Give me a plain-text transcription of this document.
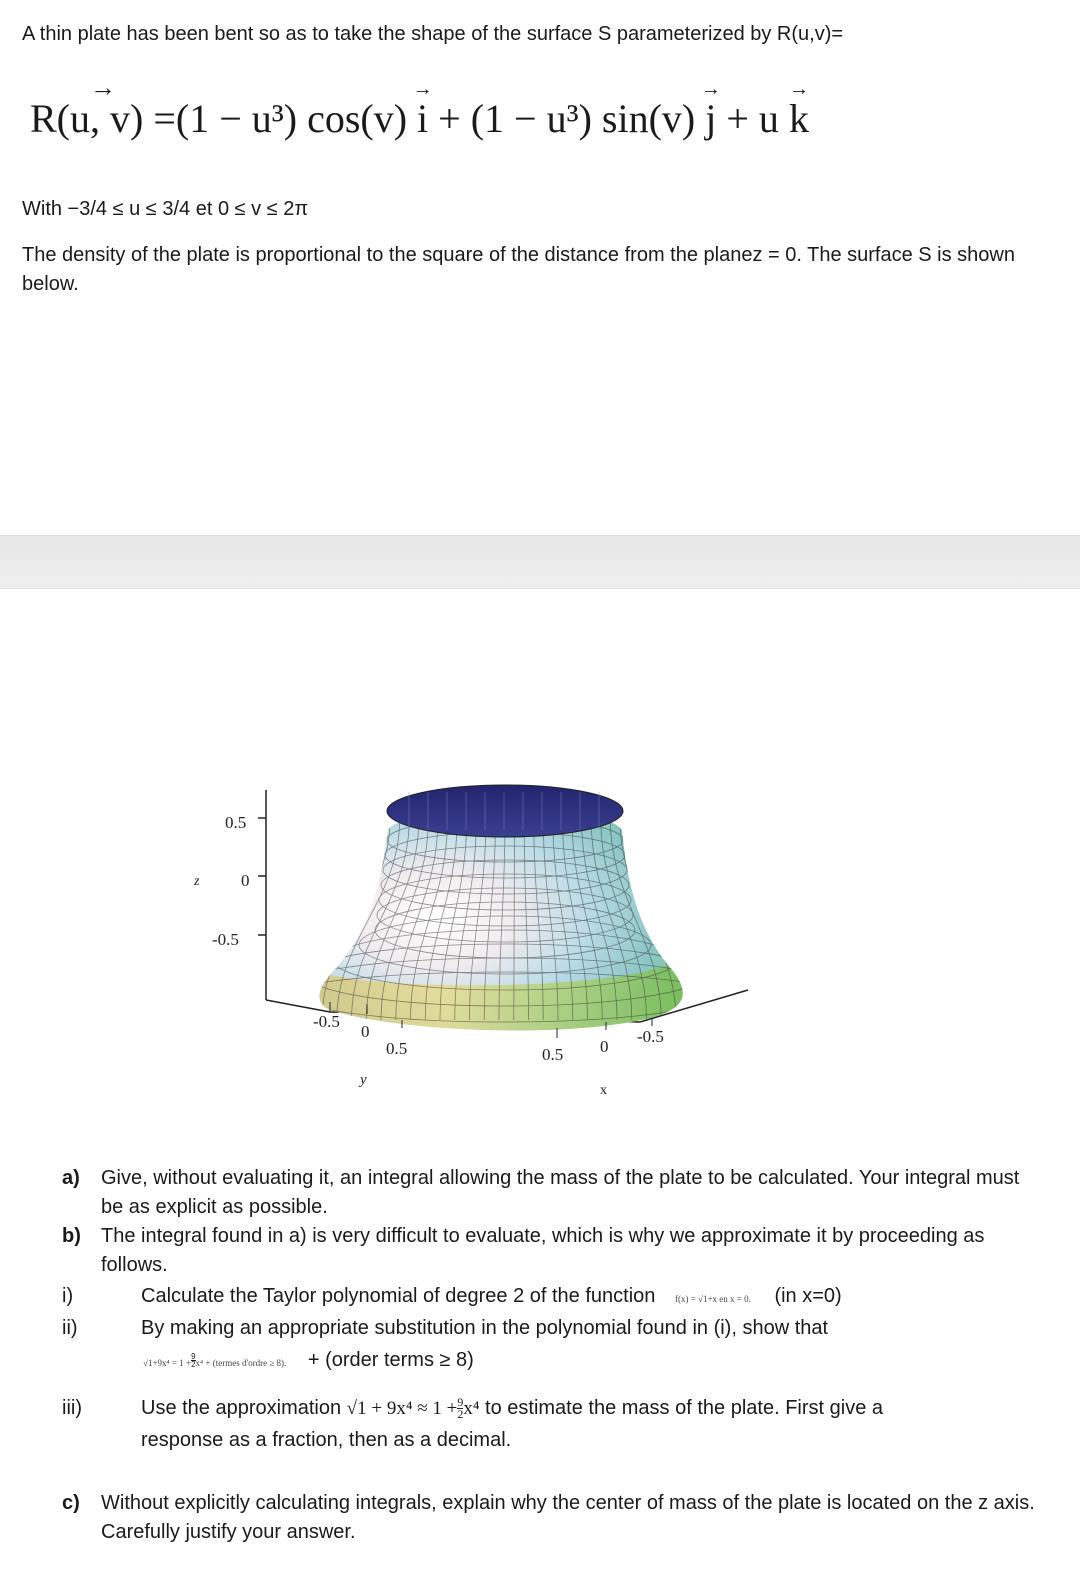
A thin plate has been bent so as to take the shape of the surface S parameterized by R(u,v)=
→ R(u, v) =(1 − u³) cos(v) → i + (1 − u³) sin(v) → j + u → k
With −3/4 ≤ u ≤ 3/4 et 0 ≤ v ≤ 2π
The density of the plate is proportional to the square of the distance from the planez = 0. The surface S is shown below.
0.5
0
-0.5
z
-0.5
0
0.5
y
0.5 0
-0.5
x
a) Give, without evaluating it, an integral allowing the mass of the plate to be calculated. Your integral must be as explicit as possible.
b) The integral found in a) is very difficult to evaluate, which is why we approximate it by proceeding as follows.
i)	Calculate the Taylor polynomial of degree 2 of the function f(x) = √1+x en x = 0. (in x=0)
ii)	By making an appropriate substitution in the polynomial found in (i), show that
$√1+9x^4 = 1 + \frac{9}{2} x^4$ + (termes d'ordre ≥ 8). + (order terms ≥ 8)
iii)	Use the approximation $√1 + 9x^4 \approx 1 + \frac{9}{2} x^4$ to estimate the mass of the plate. First give a
response as a fraction, then as a decimal.
c) Without explicitly calculating integrals, explain why the center of mass of the plate is located on the z axis. Carefully justify your answer.
